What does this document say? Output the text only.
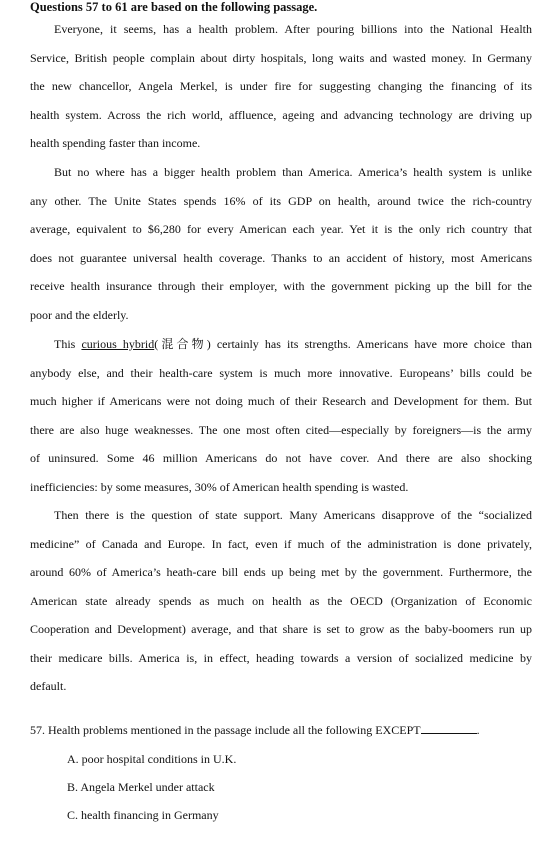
Questions 57 to 61 are based on the following passage.
Everyone, it seems, has a health problem. After pouring billions into the National Health
Service, British people complain about dirty hospitals, long waits and wasted money. In Germany
the new chancellor, Angela Merkel, is under fire for suggesting changing the financing of its
health system. Across the rich world, affluence, ageing and advancing technology are driving up
health spending faster than income.
But no where has a bigger health problem than America. America’s health system is unlike
any other. The Unite States spends 16% of its GDP on health, around twice the rich-country
average, equivalent to $6,280 for every American each year. Yet it is the only rich country that
does not guarantee universal health coverage. Thanks to an accident of history, most Americans
receive health insurance through their employer, with the government picking up the bill for the
poor and the elderly.
This curious hybrid(混合物) certainly has its strengths. Americans have more choice than
anybody else, and their health-care system is much more innovative. Europeans’ bills could be
much higher if Americans were not doing much of their Research and Development for them. But
there are also huge weaknesses. The one most often cited—especially by foreigners—is the army
of uninsured. Some 46 million Americans do not have cover. And there are also shocking
inefficiencies: by some measures, 30% of American health spending is wasted.
Then there is the question of state support. Many Americans disapprove of the “socialized
medicine” of Canada and Europe. In fact, even if much of the administration is done privately,
around 60% of America’s heath-care bill ends up being met by the government. Furthermore, the
American state already spends as much on health as the OECD (Organization of Economic
Cooperation and Development) average, and that share is set to grow as the baby-boomers run up
their medicare bills. America is, in effect, heading towards a version of socialized medicine by
default.
57. Health problems mentioned in the passage include all the following EXCEPT	.
A. poor hospital conditions in U.K.
B. Angela Merkel under attack
C. health financing in Germany
